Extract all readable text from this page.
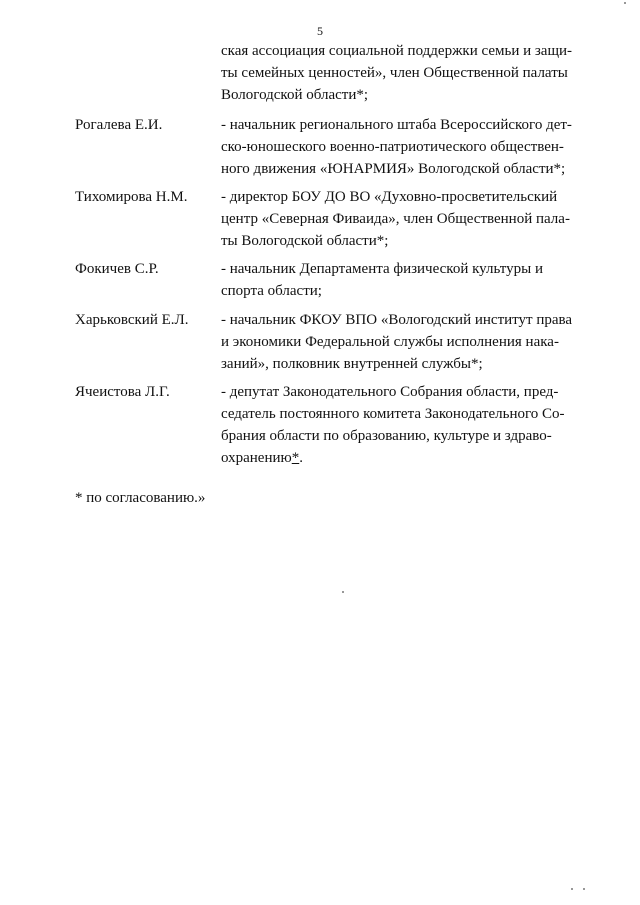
5
ская ассоциация социальной поддержки семьи и защи-
ты семейных ценностей», член Общественной палаты
Вологодской области*;
Рогалева Е.И.	- начальник регионального штаба Всероссийского дет-
ско-юношеского военно-патриотического обществен-
ного движения «ЮНАРМИЯ» Вологодской области*;
Тихомирова Н.М. - директор БОУ ДО ВО «Духовно-просветительский
центр «Северная Фиваида», член Общественной пала-
ты Вологодской области*;
Фокичев С.Р.	- начальник Департамента физической культуры и
спорта области;
Харьковский Е.Л. - начальник ФКОУ ВПО «Вологодский институт права
и экономики Федеральной службы исполнения нака-
заний», полковник внутренней службы*;
Ячеистова Л.Г.	- депутат Законодательного Собрания области, пред-
седатель постоянного комитета Законодательного Со-
брания области по образованию, культуре и здраво-
охранению*.
* по согласованию.»
